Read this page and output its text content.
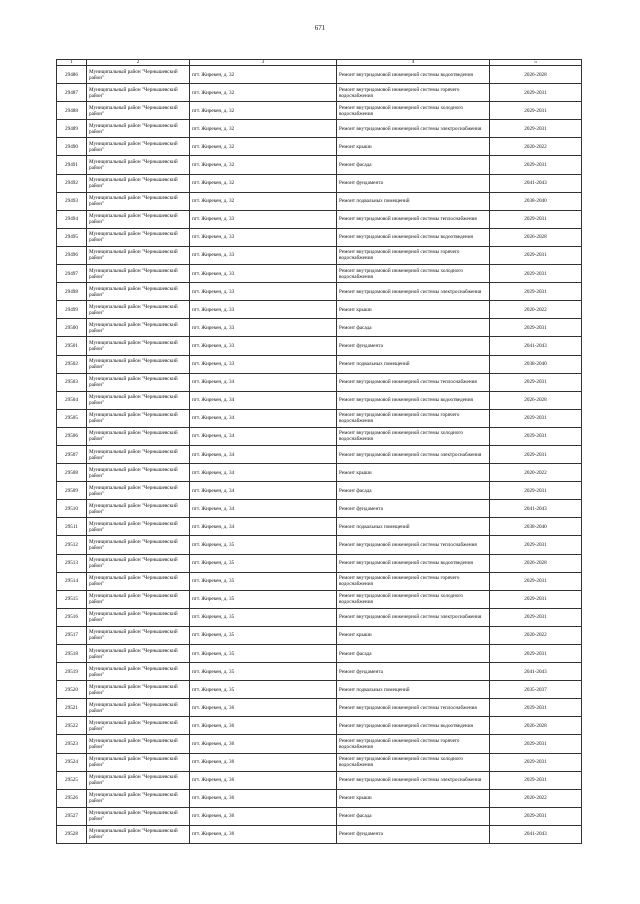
671
1	2	3	4	5
29486	Муниципальный район "Чернышевский район"	пгт. Жирекен, д. 32	Ремонт внутридомовой инженерной системы водоотведения	2026-2028
29487	Муниципальный район "Чернышевский район"	пгт. Жирекен, д. 32	Ремонт внутридомовой инженерной системы горячего водоснабжения	2029-2031
29488	Муниципальный район "Чернышевский район"	пгт. Жирекен, д. 32	Ремонт внутридомовой инженерной системы холодного водоснабжения	2029-2031
29489	Муниципальный район "Чернышевский район"	пгт. Жирекен, д. 32	Ремонт внутридомовой инженерной системы электроснабжения	2029-2031
29490	Муниципальный район "Чернышевский район"	пгт. Жирекен, д. 32	Ремонт крыши	2020-2022
29491	Муниципальный район "Чернышевский район"	пгт. Жирекен, д. 32	Ремонт фасада	2029-2031
29492	Муниципальный район "Чернышевский район"	пгт. Жирекен, д. 32	Ремонт фундамента	2041-2043
29493	Муниципальный район "Чернышевский район"	пгт. Жирекен, д. 32	Ремонт подвальных помещений	2038-2040
29494	Муниципальный район "Чернышевский район"	пгт. Жирекен, д. 33	Ремонт внутридомовой инженерной системы теплоснабжения	2029-2031
29495	Муниципальный район "Чернышевский район"	пгт. Жирекен, д. 33	Ремонт внутридомовой инженерной системы водоотведения	2026-2028
29496	Муниципальный район "Чернышевский район"	пгт. Жирекен, д. 33	Ремонт внутридомовой инженерной системы горячего водоснабжения	2029-2031
29497	Муниципальный район "Чернышевский район"	пгт. Жирекен, д. 33	Ремонт внутридомовой инженерной системы холодного водоснабжения	2029-2031
29498	Муниципальный район "Чернышевский район"	пгт. Жирекен, д. 33	Ремонт внутридомовой инженерной системы электроснабжения	2029-2031
29499	Муниципальный район "Чернышевский район"	пгт. Жирекен, д. 33	Ремонт крыши	2020-2022
29500	Муниципальный район "Чернышевский район"	пгт. Жирекен, д. 33	Ремонт фасада	2029-2031
29501	Муниципальный район "Чернышевский район"	пгт. Жирекен, д. 33	Ремонт фундамента	2041-2043
29502	Муниципальный район "Чернышевский район"	пгт. Жирекен, д. 33	Ремонт подвальных помещений	2038-2040
29503	Муниципальный район "Чернышевский район"	пгт. Жирекен, д. 34	Ремонт внутридомовой инженерной системы теплоснабжения	2029-2031
29504	Муниципальный район "Чернышевский район"	пгт. Жирекен, д. 34	Ремонт внутридомовой инженерной системы водоотведения	2026-2028
29505	Муниципальный район "Чернышевский район"	пгт. Жирекен, д. 34	Ремонт внутридомовой инженерной системы горячего водоснабжения	2029-2031
29506	Муниципальный район "Чернышевский район"	пгт. Жирекен, д. 34	Ремонт внутридомовой инженерной системы холодного водоснабжения	2029-2031
29507	Муниципальный район "Чернышевский район"	пгт. Жирекен, д. 34	Ремонт внутридомовой инженерной системы электроснабжения	2029-2031
29508	Муниципальный район "Чернышевский район"	пгт. Жирекен, д. 34	Ремонт крыши	2020-2022
29509	Муниципальный район "Чернышевский район"	пгт. Жирекен, д. 34	Ремонт фасада	2029-2031
29510	Муниципальный район "Чернышевский район"	пгт. Жирекен, д. 34	Ремонт фундамента	2041-2043
29511	Муниципальный район "Чернышевский район"	пгт. Жирекен, д. 34	Ремонт подвальных помещений	2038-2040
29512	Муниципальный район "Чернышевский район"	пгт. Жирекен, д. 35	Ремонт внутридомовой инженерной системы теплоснабжения	2029-2031
29513	Муниципальный район "Чернышевский район"	пгт. Жирекен, д. 35	Ремонт внутридомовой инженерной системы водоотведения	2026-2028
29514	Муниципальный район "Чернышевский район"	пгт. Жирекен, д. 35	Ремонт внутридомовой инженерной системы горячего водоснабжения	2029-2031
29515	Муниципальный район "Чернышевский район"	пгт. Жирекен, д. 35	Ремонт внутридомовой инженерной системы холодного водоснабжения	2029-2031
29516	Муниципальный район "Чернышевский район"	пгт. Жирекен, д. 35	Ремонт внутридомовой инженерной системы электроснабжения	2029-2031
29517	Муниципальный район "Чернышевский район"	пгт. Жирекен, д. 35	Ремонт крыши	2020-2022
29518	Муниципальный район "Чернышевский район"	пгт. Жирекен, д. 35	Ремонт фасада	2029-2031
29519	Муниципальный район "Чернышевский район"	пгт. Жирекен, д. 35	Ремонт фундамента	2041-2043
29520	Муниципальный район "Чернышевский район"	пгт. Жирекен, д. 35	Ремонт подвальных помещений	2035-2037
29521	Муниципальный район "Чернышевский район"	пгт. Жирекен, д. 36	Ремонт внутридомовой инженерной системы теплоснабжения	2029-2031
29522	Муниципальный район "Чернышевский район"	пгт. Жирекен, д. 36	Ремонт внутридомовой инженерной системы водоотведения	2026-2028
29523	Муниципальный район "Чернышевский район"	пгт. Жирекен, д. 36	Ремонт внутридомовой инженерной системы горячего водоснабжения	2029-2031
29524	Муниципальный район "Чернышевский район"	пгт. Жирекен, д. 36	Ремонт внутридомовой инженерной системы холодного водоснабжения	2029-2031
29525	Муниципальный район "Чернышевский район"	пгт. Жирекен, д. 36	Ремонт внутридомовой инженерной системы электроснабжения	2029-2031
29526	Муниципальный район "Чернышевский район"	пгт. Жирекен, д. 36	Ремонт крыши	2020-2022
29527	Муниципальный район "Чернышевский район"	пгт. Жирекен, д. 36	Ремонт фасада	2029-2031
29528	Муниципальный район "Чернышевский район"	пгт. Жирекен, д. 36	Ремонт фундамента	2041-2043
